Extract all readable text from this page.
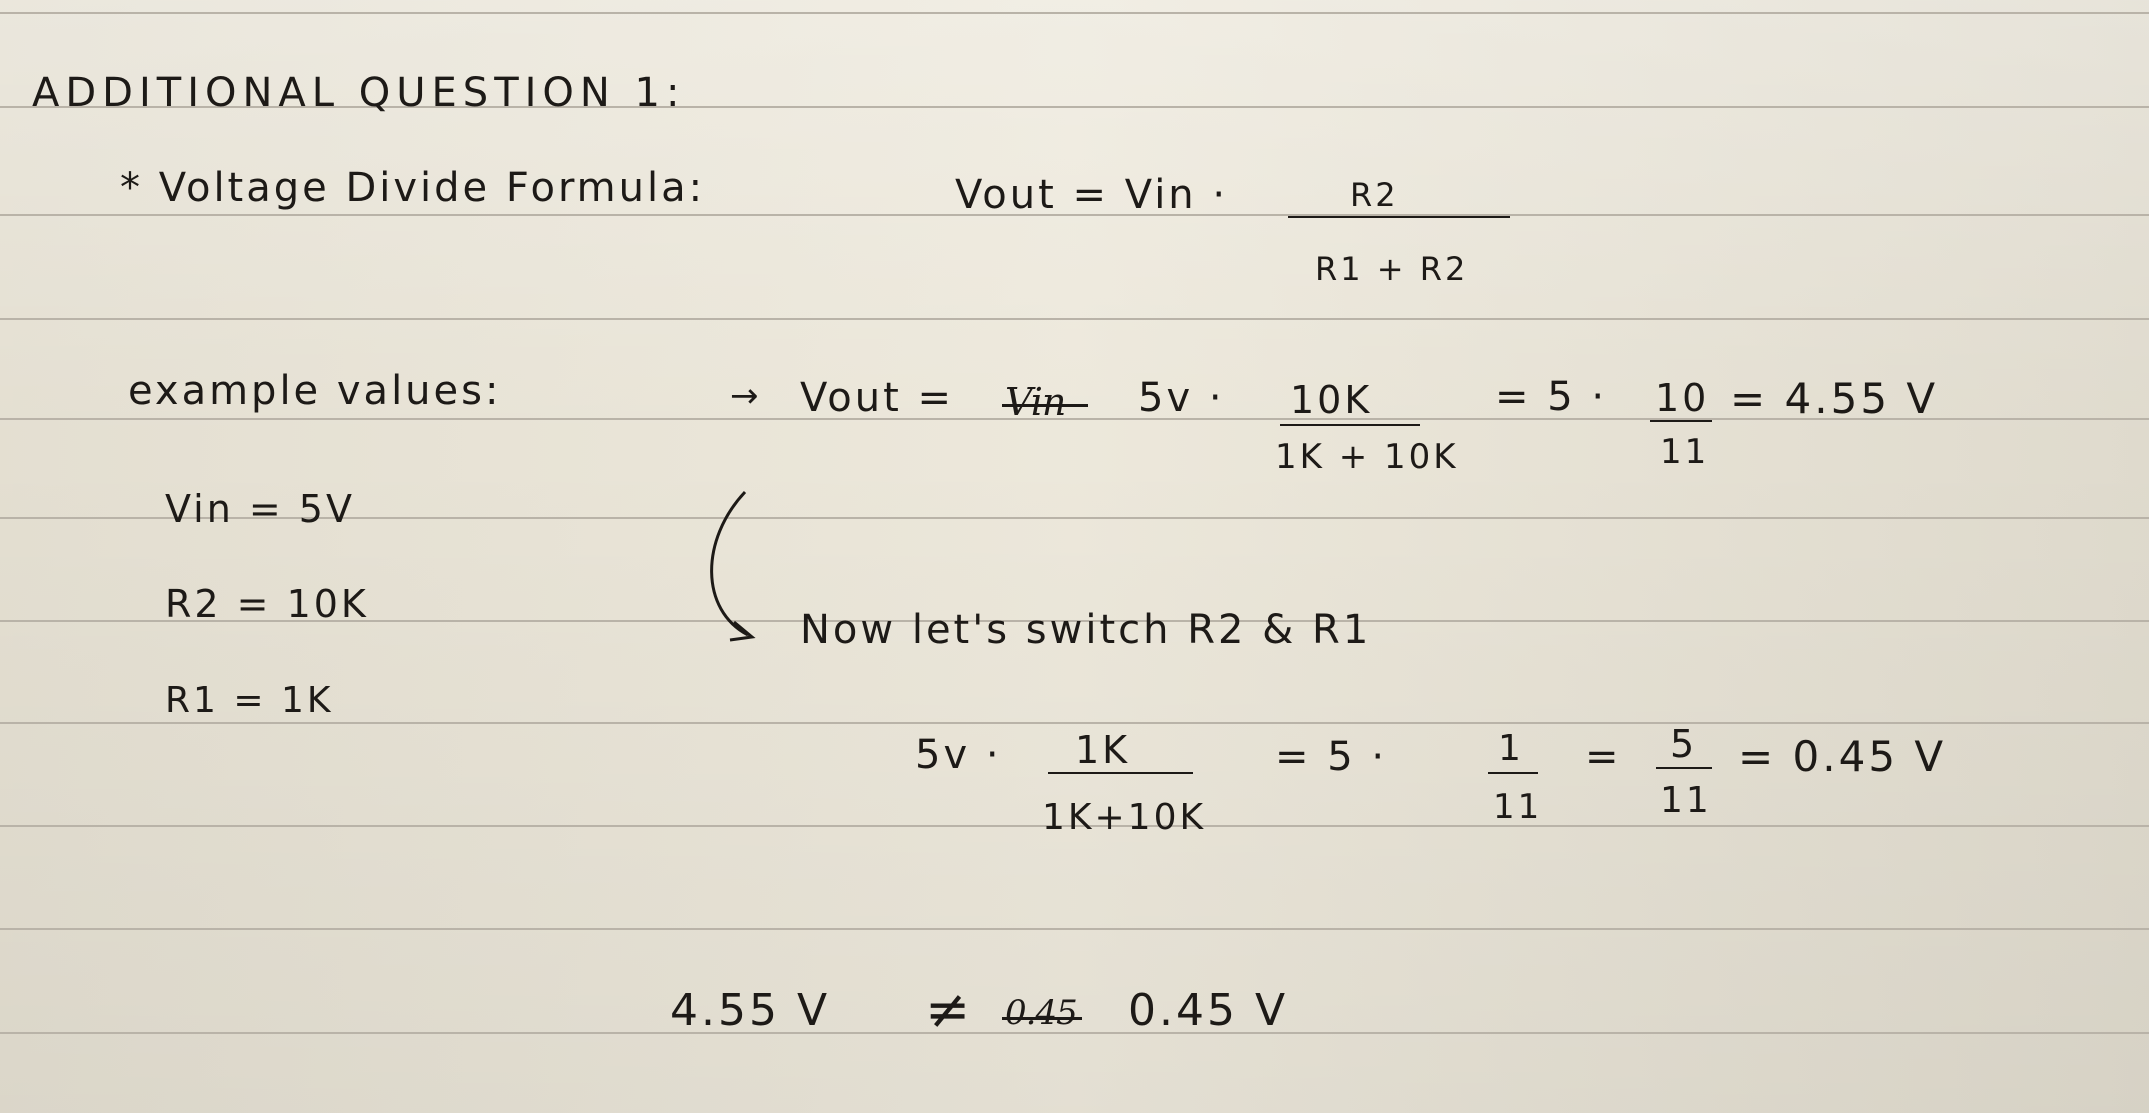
ADDITIONAL QUESTION 1:
* Voltage Divide Formula:	Vout = Vin ·	R2
R1 + R2
example values:
Vin = 5V
R2 = 10K
R1 = 1K
→ Vout = Vin 5v · 10K
1K + 10K
= 5 · 10
11
= 4.55 V
Now let's switch R2 & R1
5v · 1K
1K+10K
= 5 ·	1
11
= 5
11
= 0.45 V
4.55 V ≠ 0.45 0.45 V
